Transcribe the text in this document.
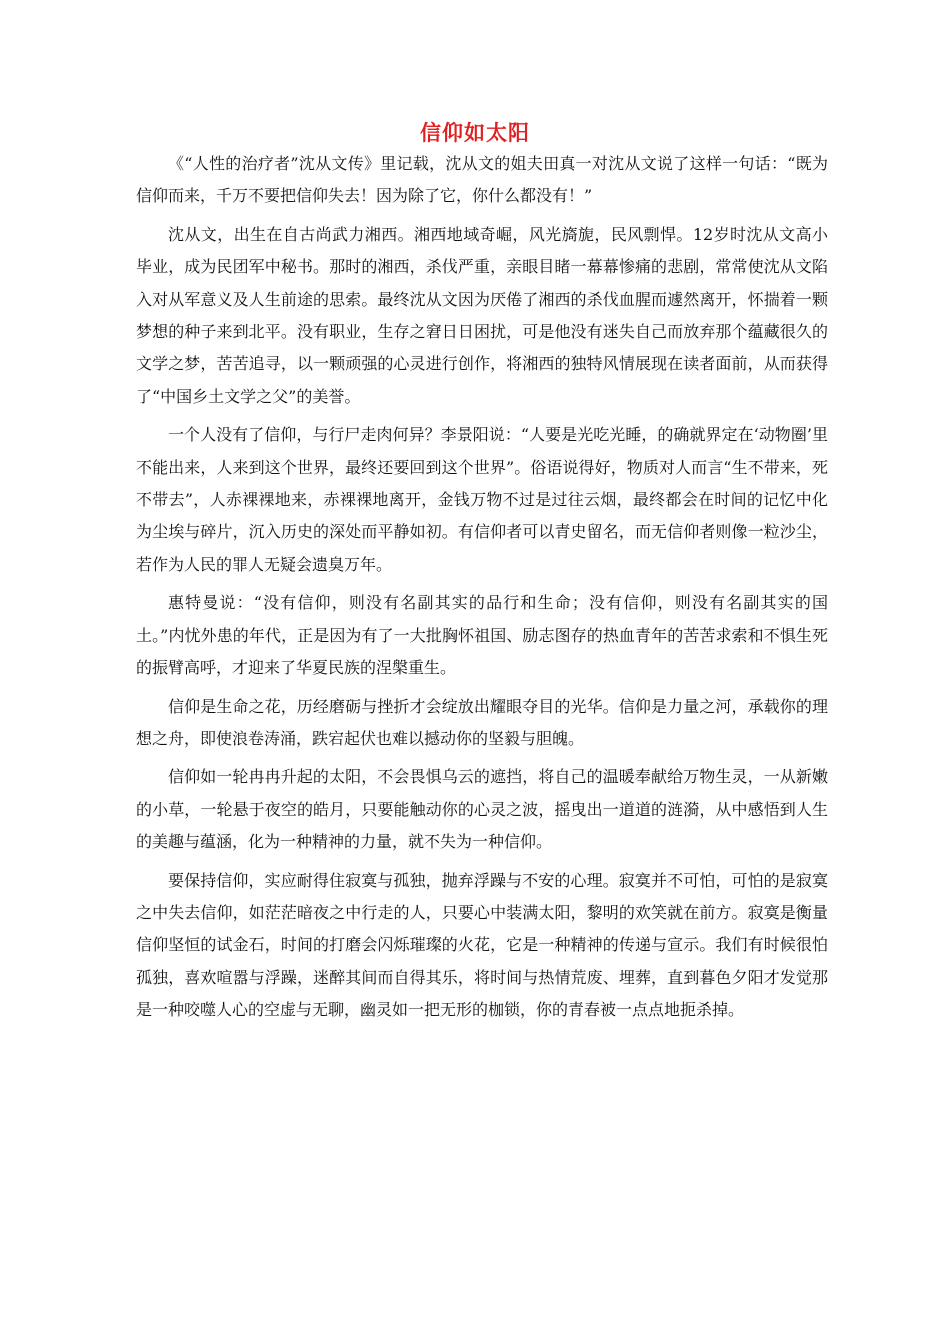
信仰如太阳

《“人性的治疗者”沈从文传》里记载，沈从文的姐夫田真一对沈从文说了这样一句话：“既为信仰而来，千万不要把信仰失去！因为除了它，你什么都没有！”

沈从文，出生在自古尚武力湘西。湘西地域奇崛，风光旖旎，民风剽悍。12岁时沈从文高小毕业，成为民团军中秘书。那时的湘西，杀伐严重，亲眼目睹一幕幕惨痛的悲剧，常常使沈从文陷入对从军意义及人生前途的思索。最终沈从文因为厌倦了湘西的杀伐血腥而遽然离开，怀揣着一颗梦想的种子来到北平。没有职业，生存之窘日日困扰，可是他没有迷失自己而放弃那个蕴藏很久的文学之梦，苦苦追寻，以一颗顽强的心灵进行创作，将湘西的独特风情展现在读者面前，从而获得了“中国乡土文学之父”的美誉。

一个人没有了信仰，与行尸走肉何异？李景阳说：“人要是光吃光睡，的确就界定在‘动物圈’里不能出来，人来到这个世界，最终还要回到这个世界”。俗语说得好，物质对人而言“生不带来，死不带去”，人赤裸裸地来，赤裸裸地离开，金钱万物不过是过往云烟，最终都会在时间的记忆中化为尘埃与碎片，沉入历史的深处而平静如初。有信仰者可以青史留名，而无信仰者则像一粒沙尘，若作为人民的罪人无疑会遗臭万年。

惠特曼说：“没有信仰，则没有名副其实的品行和生命；没有信仰，则没有名副其实的国土。”内忧外患的年代，正是因为有了一大批胸怀祖国、励志图存的热血青年的苦苦求索和不惧生死的振臂高呼，才迎来了华夏民族的涅槃重生。

信仰是生命之花，历经磨砺与挫折才会绽放出耀眼夺目的光华。信仰是力量之河，承载你的理想之舟，即使浪卷涛涌，跌宕起伏也难以撼动你的坚毅与胆魄。

信仰如一轮冉冉升起的太阳，不会畏惧乌云的遮挡，将自己的温暖奉献给万物生灵，一从新嫩的小草，一轮悬于夜空的皓月，只要能触动你的心灵之波，摇曳出一道道的涟漪，从中感悟到人生的美趣与蕴涵，化为一种精神的力量，就不失为一种信仰。

要保持信仰，实应耐得住寂寞与孤独，抛弃浮躁与不安的心理。寂寞并不可怕，可怕的是寂寞之中失去信仰，如茫茫暗夜之中行走的人，只要心中装满太阳，黎明的欢笑就在前方。寂寞是衡量信仰坚恒的试金石，时间的打磨会闪烁璀璨的火花，它是一种精神的传递与宣示。我们有时候很怕孤独，喜欢喧嚣与浮躁，迷醉其间而自得其乐，将时间与热情荒废、埋葬，直到暮色夕阳才发觉那是一种咬噬人心的空虚与无聊，幽灵如一把无形的枷锁，你的青春被一点点地扼杀掉。
